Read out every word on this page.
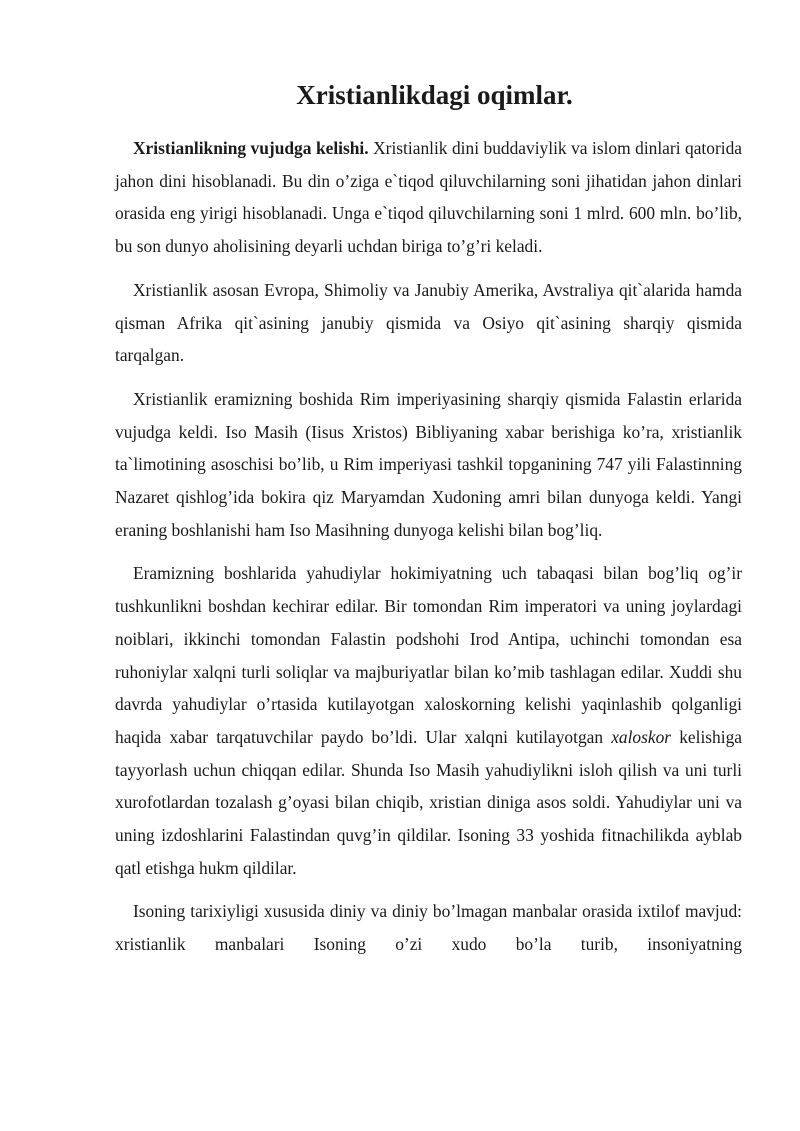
Xristianlikdagi oqimlar.

Xristianlikning vujudga kelishi. Xristianlik dini buddaviylik va islom dinlari qatorida jahon dini hisoblanadi. Bu din o’ziga e`tiqod qiluvchilarning soni jihatidan jahon dinlari orasida eng yirigi hisoblanadi. Unga e`tiqod qiluvchilarning soni 1 mlrd. 600 mln. bo’lib, bu son dunyo aholisining deyarli uchdan biriga to’g’ri keladi.

Xristianlik asosan Evropa, Shimoliy va Janubiy Amerika, Avstraliya qit`alarida hamda qisman Afrika qit`asining janubiy qismida va Osiyo qit`asining sharqiy qismida tarqalgan.

Xristianlik eramizning boshida Rim imperiyasining sharqiy qismida Falastin erlarida vujudga keldi. Iso Masih (Iisus Xristos) Bibliyaning xabar berishiga ko’ra, xristianlik ta`limotining asoschisi bo’lib, u Rim imperiyasi tashkil topganining 747 yili Falastinning Nazaret qishlog’ida bokira qiz Maryamdan Xudoning amri bilan dunyoga keldi. Yangi eraning boshlanishi ham Iso Masihning dunyoga kelishi bilan bog’liq.

Eramizning boshlarida yahudiylar hokimiyatning uch tabaqasi bilan bog’liq og’ir tushkunlikni boshdan kechirar edilar. Bir tomondan Rim imperatori va uning joylardagi noiblari, ikkinchi tomondan Falastin podshohi Irod Antipa, uchinchi tomondan esa ruhoniylar xalqni turli soliqlar va majburiyatlar bilan ko’mib tashlagan edilar. Xuddi shu davrda yahudiylar o’rtasida kutilayotgan xaloskorning kelishi yaqinlashib qolganligi haqida xabar tarqatuvchilar paydo bo’ldi. Ular xalqni kutilayotgan xaloskor kelishiga tayyorlash uchun chiqqan edilar. Shunda Iso Masih yahudiylikni isloh qilish va uni turli xurofotlardan tozalash g’oyasi bilan chiqib, xristian diniga asos soldi. Yahudiylar uni va uning izdoshlarini Falastindan quvg’in qildilar. Isoning 33 yoshida fitnachilikda ayblab qatl etishga hukm qildilar.

Isoning tarixiyligi xususida diniy va diniy bo’lmagan manbalar orasida ixtilof mavjud: xristianlik manbalari Isoning o’zi xudo bo’la turib, insoniyatning
